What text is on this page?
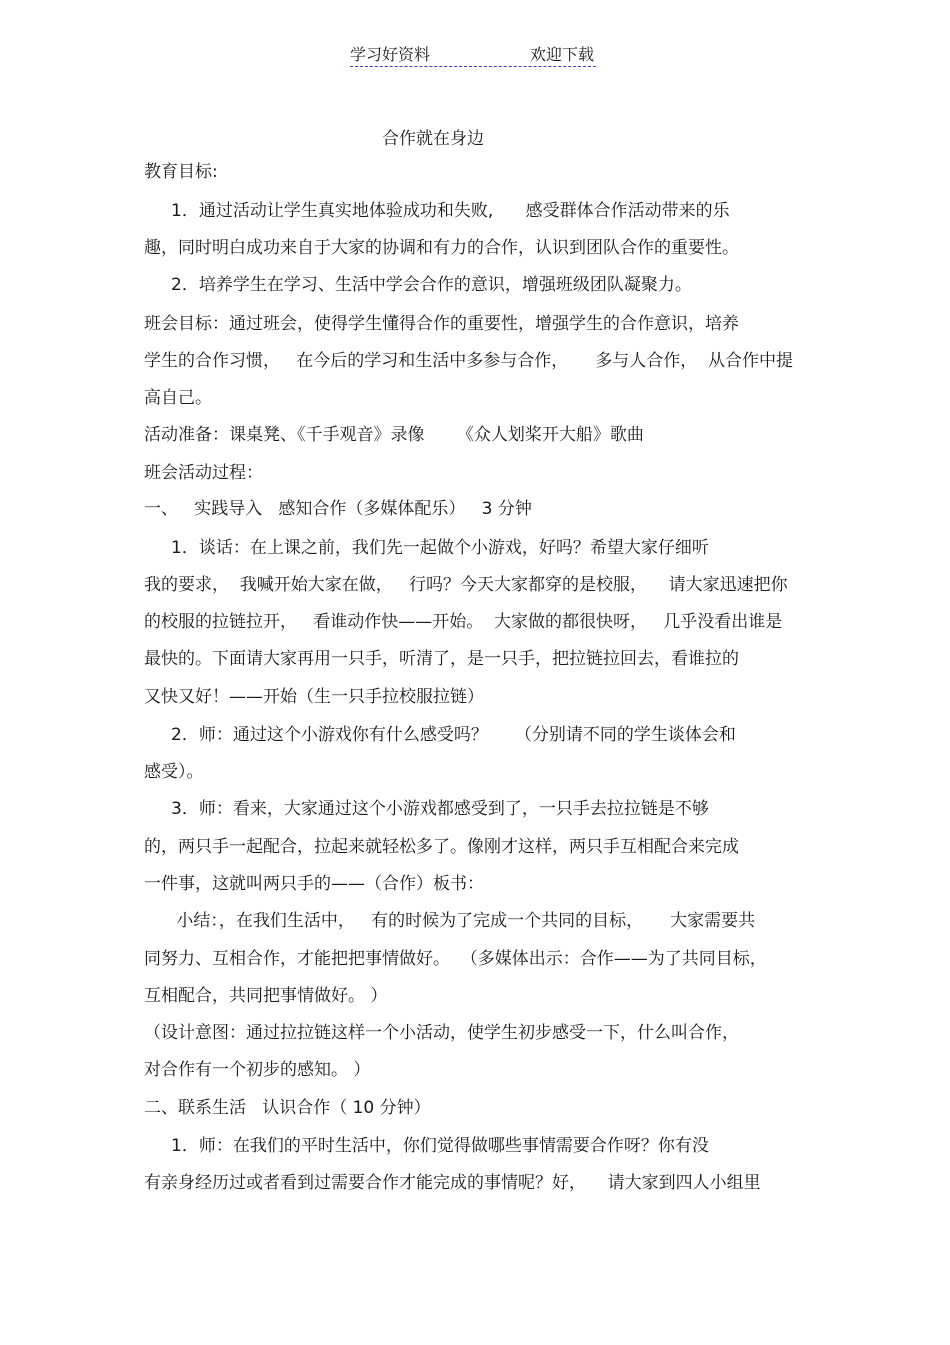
学习好资料	欢迎下载
合作就在身边
教育目标:
1．通过活动让学生真实地体验成功和失败,      感受群体合作活动带来的乐
趣，同时明白成功来自于大家的协调和有力的合作，认识到团队合作的重要性。
2．培养学生在学习、生活中学会合作的意识，增强班级团队凝聚力。
班会目标：通过班会，使得学生懂得合作的重要性，增强学生的合作意识，培养
学生的合作习惯，   在今后的学习和生活中多参与合作，     多与人合作，  从合作中提
高自己。
活动准备：课桌凳、《千手观音》录像      《众人划桨开大船》歌曲
班会活动过程：
一、   实践导入   感知合作（多媒体配乐）   3 分钟
1．谈话：在上课之前，我们先一起做个小游戏，好吗？希望大家仔细听
我的要求，  我喊开始大家在做，   行吗？今天大家都穿的是校服，    请大家迅速把你
的校服的拉链拉开，   看谁动作快——开始。  大家做的都很快呀，   几乎没看出谁是
最快的。下面请大家再用一只手，听清了，是一只手，把拉链拉回去，看谁拉的
又快又好！——开始（生一只手拉校服拉链）
2．师：通过这个小游戏你有什么感受吗？     （分别请不同的学生谈体会和
感受）。
3．师：看来，大家通过这个小游戏都感受到了，一只手去拉拉链是不够
的，两只手一起配合，拉起来就轻松多了。像刚才这样，两只手互相配合来完成
一件事，这就叫两只手的——（合作）板书：
小结：，在我们生活中，   有的时候为了完成一个共同的目标，     大家需要共
同努力、互相合作，才能把把事情做好。  （多媒体出示：合作——为了共同目标，
互相配合，共同把事情做好。 ）
（设计意图：通过拉拉链这样一个小活动，使学生初步感受一下，什么叫合作，
对合作有一个初步的感知。 ）
二、联系生活   认识合作（ 10 分钟）
1．师：在我们的平时生活中，你们觉得做哪些事情需要合作呀？你有没
有亲身经历过或者看到过需要合作才能完成的事情呢？好，    请大家到四人小组里
